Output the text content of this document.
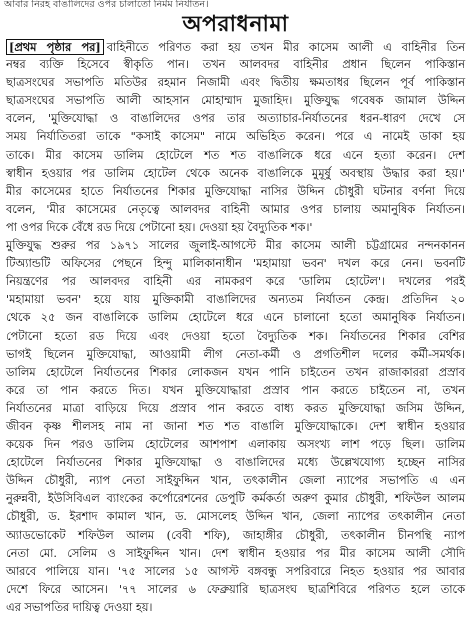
আবার নিরহ বাঙালিদের ওপর চালাতো নির্মম নির্যাতন।
অপরাধনামা
[প্রথম পৃষ্ঠার পর] বাহিনীতে পরিণত করা হয় তখন মীর কাসেম আলী এ বাহিনীর তিন
নম্বর ব্যক্তি হিসেবে স্বীকৃতি পান। তখন আলবদর বাহিনীর প্রধান ছিলেন পাকিস্তান
ছাত্রসংঘের সভাপতি মতিউর রহমান নিজামী এবং দ্বিতীয় ক্ষমতাধর ছিলেন পূর্ব পাকিস্তান
ছাত্রসংঘের সভাপতি আলী আহসান মোহাম্মাদ মুজাহিদ। মুক্তিযুদ্ধ গবেষক জামাল উদ্দিন
বলেন, 'মুক্তিযোদ্ধা ও বাঙালিদের ওপর তার অত্যাচার-নির্যাতনের ধরন-ধারণ দেখে সে
সময় নির্যাতিতরা তাকে "কসাই কাসেম" নামে অভিহিত করেন। পরে এ নামেই ডাকা হয়
তাকে। মীর কাসেম ডালিম হোটেলে শত শত বাঙালিকে ধরে এনে হত্যা করেন। দেশ
স্বাধীন হওয়ার পর ডালিম হোটেল থেকে অনেক বাঙালিকে মুমূর্ষু অবস্থায় উদ্ধার করা হয়।'
মীর কাসেমের হাতে নির্যাতনের শিকার মুক্তিযোদ্ধা নাসির উদ্দিন চৌধুরী ঘটনার বর্ণনা দিয়ে
বলেন, 'মীর কাসেমের নেতৃত্বে আলবদর বাহিনী আমার ওপর চালায় অমানুষিক নির্যাতন।
পা ওপর দিকে বেঁধে রড দিয়ে পেটানো হয়। দেওয়া হয় বৈদ্যুতিক শক।'
মুক্তিযুদ্ধ শুরুর পর ১৯৭১ সালের জুলাই-আগস্টে মীর কাসেম আলী চট্টগ্রামের নন্দনকানন
টিঅ্যান্ডটি অফিসের পেছনে হিন্দু মালিকানাধীন 'মহামায়া ভবন' দখল করে নেন। ভবনটি
নিয়ন্ত্রণের পর আলবদর বাহিনী এর নামকরণ করে 'ডালিম হোটেল'। দখলের পরই
'মহামায়া ভবন' হয়ে যায় মুক্তিকামী বাঙালিদের অন্যতম নির্যাতন কেন্দ্র। প্রতিদিন ২০
থেকে ২৫ জন বাঙালিকে ডালিম হোটেলে ধরে এনে চালানো হতো অমানুষিক নির্যাতন।
পেটানো হতো রড দিয়ে এবং দেওয়া হতো বৈদ্যুতিক শক। নির্যাতনের শিকার বেশির
ভাগই ছিলেন মুক্তিযোদ্ধা, আওয়ামী লীগ নেতা-কর্মী ও প্রগতিশীল দলের কর্মী-সমর্থক।
ডালিম হোটেলে নির্যাতনের শিকার লোকজন যখন পানি চাইতেন তখন রাজাকাররা প্রস্রাব
করে তা পান করতে দিত। যখন মুক্তিযোদ্ধারা প্রস্রাব পান করতে চাইতেন না, তখন
নির্যাতনের মাত্রা বাড়িয়ে দিয়ে প্রস্রাব পান করতে বাধ্য করত মুক্তিযোদ্ধা জসিম উদ্দিন,
জীবন কৃষ্ণ শীলসহ নাম না জানা শত শত বাঙালি মুক্তিযোদ্ধাকে। দেশ স্বাধীন হওয়ার
কয়েক দিন পরও ডালিম হোটেলের আশপাশ এলাকায় অসংখ্য লাশ পড়ে ছিল। ডালিম
হোটেলে নির্যাতনের শিকার মুক্তিযোদ্ধা ও বাঙালিদের মধ্যে উল্লেখযোগ্য হচ্ছেন নাসির
উদ্দিন চৌধুরী, ন্যাপ নেতা সাইফুদ্দিন খান, তৎকালীন জেলা ন্যাপের সভাপতি এ এন
নুরুন্নবী, ইউসিবিএল ব্যাংকের কর্পোরেশনের ডেপুটি কর্মকর্তা অরুণ কুমার চৌধুরী, শফিউল আলম
চৌধুরী, ড. ইরশাদ কামাল খান, ড. মোসলেহ উদ্দিন খান, জেলা ন্যাপের তৎকালীন নেতা
অ্যাডভোকেট শফিউল আলম (বেবী শফি), জাহাঙ্গীর চৌধুরী, তৎকালীন চীনপন্থি ন্যাপ
নেতা মো. সেলিম ও সাইফুদ্দিন খান। দেশ স্বাধীন হওয়ার পর মীর কাসেম আলী সৌদি
আরবে পালিয়ে যান। '৭৫ সালের ১৫ আগস্ট বঙ্গবন্ধু সপরিবারে নিহত হওয়ার পর আবার
দেশে ফিরে আসেন। '৭৭ সালের ৬ ফেব্রুয়ারি ছাত্রসংঘ ছাত্রশিবিরে পরিণত হলে তাকে
এর সভাপতির দায়িত্ব দেওয়া হয়।
